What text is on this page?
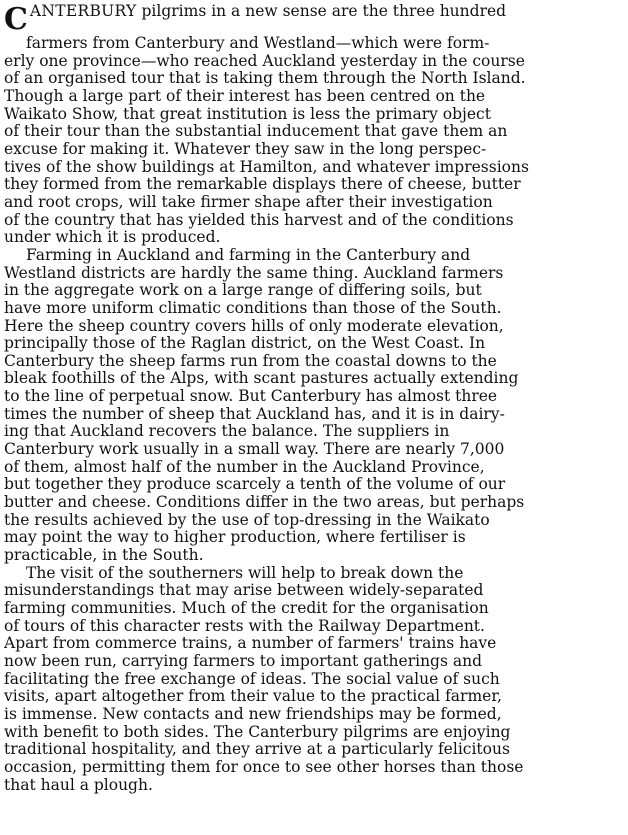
CANTERBURY pilgrims in a new sense are the three hundred
farmers from Canterbury and Westland—which were form-
erly one province—who reached Auckland yesterday in the course
of an organised tour that is taking them through the North Island.
Though a large part of their interest has been centred on the
Waikato Show, that great institution is less the primary object
of their tour than the substantial inducement that gave them an
excuse for making it. Whatever they saw in the long perspec-
tives of the show buildings at Hamilton, and whatever impressions
they formed from the remarkable displays there of cheese, butter
and root crops, will take firmer shape after their investigation
of the country that has yielded this harvest and of the conditions
under which it is produced.
Farming in Auckland and farming in the Canterbury and
Westland districts are hardly the same thing. Auckland farmers
in the aggregate work on a large range of differing soils, but
have more uniform climatic conditions than those of the South.
Here the sheep country covers hills of only moderate elevation,
principally those of the Raglan district, on the West Coast. In
Canterbury the sheep farms run from the coastal downs to the
bleak foothills of the Alps, with scant pastures actually extending
to the line of perpetual snow. But Canterbury has almost three
times the number of sheep that Auckland has, and it is in dairy-
ing that Auckland recovers the balance. The suppliers in
Canterbury work usually in a small way. There are nearly 7,000
of them, almost half of the number in the Auckland Province,
but together they produce scarcely a tenth of the volume of our
butter and cheese. Conditions differ in the two areas, but perhaps
the results achieved by the use of top-dressing in the Waikato
may point the way to higher production, where fertiliser is
practicable, in the South.
The visit of the southerners will help to break down the
misunderstandings that may arise between widely-separated
farming communities. Much of the credit for the organisation
of tours of this character rests with the Railway Department.
Apart from commerce trains, a number of farmers' trains have
now been run, carrying farmers to important gatherings and
facilitating the free exchange of ideas. The social value of such
visits, apart altogether from their value to the practical farmer,
is immense. New contacts and new friendships may be formed,
with benefit to both sides. The Canterbury pilgrims are enjoying
traditional hospitality, and they arrive at a particularly felicitous
occasion, permitting them for once to see other horses than those
that haul a plough.
